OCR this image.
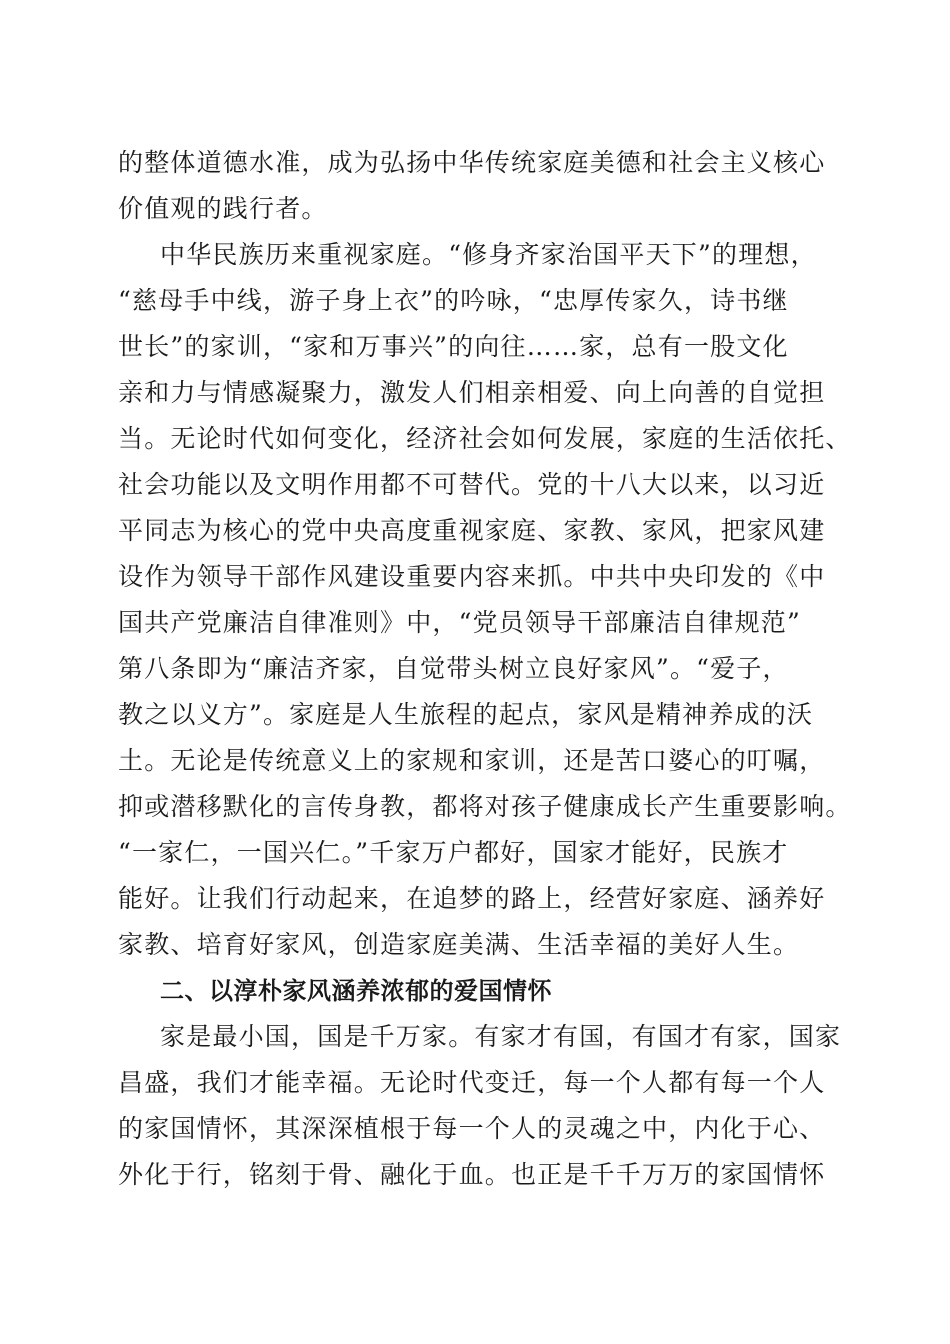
的整体道德水准，成为弘扬中华传统家庭美德和社会主义核心
价值观的践行者。
中华民族历来重视家庭。“修身齐家治国平天下”的理想，
“慈母手中线，游子身上衣”的吟咏，“忠厚传家久，诗书继
世长”的家训，“家和万事兴”的向往……家，总有一股文化
亲和力与情感凝聚力，激发人们相亲相爱、向上向善的自觉担
当。无论时代如何变化，经济社会如何发展，家庭的生活依托、
社会功能以及文明作用都不可替代。党的十八大以来，以习近
平同志为核心的党中央高度重视家庭、家教、家风，把家风建
设作为领导干部作风建设重要内容来抓。中共中央印发的《中
国共产党廉洁自律准则》中，“党员领导干部廉洁自律规范”
第八条即为“廉洁齐家，自觉带头树立良好家风”。“爱子，
教之以义方”。家庭是人生旅程的起点，家风是精神养成的沃
土。无论是传统意义上的家规和家训，还是苦口婆心的叮嘱，
抑或潜移默化的言传身教，都将对孩子健康成长产生重要影响。
“一家仁，一国兴仁。”千家万户都好，国家才能好，民族才
能好。让我们行动起来，在追梦的路上，经营好家庭、涵养好
家教、培育好家风，创造家庭美满、生活幸福的美好人生。
二、以淳朴家风涵养浓郁的爱国情怀
家是最小国，国是千万家。有家才有国，有国才有家，国家
昌盛，我们才能幸福。无论时代变迁，每一个人都有每一个人
的家国情怀，其深深植根于每一个人的灵魂之中，内化于心、
外化于行，铭刻于骨、融化于血。也正是千千万万的家国情怀
